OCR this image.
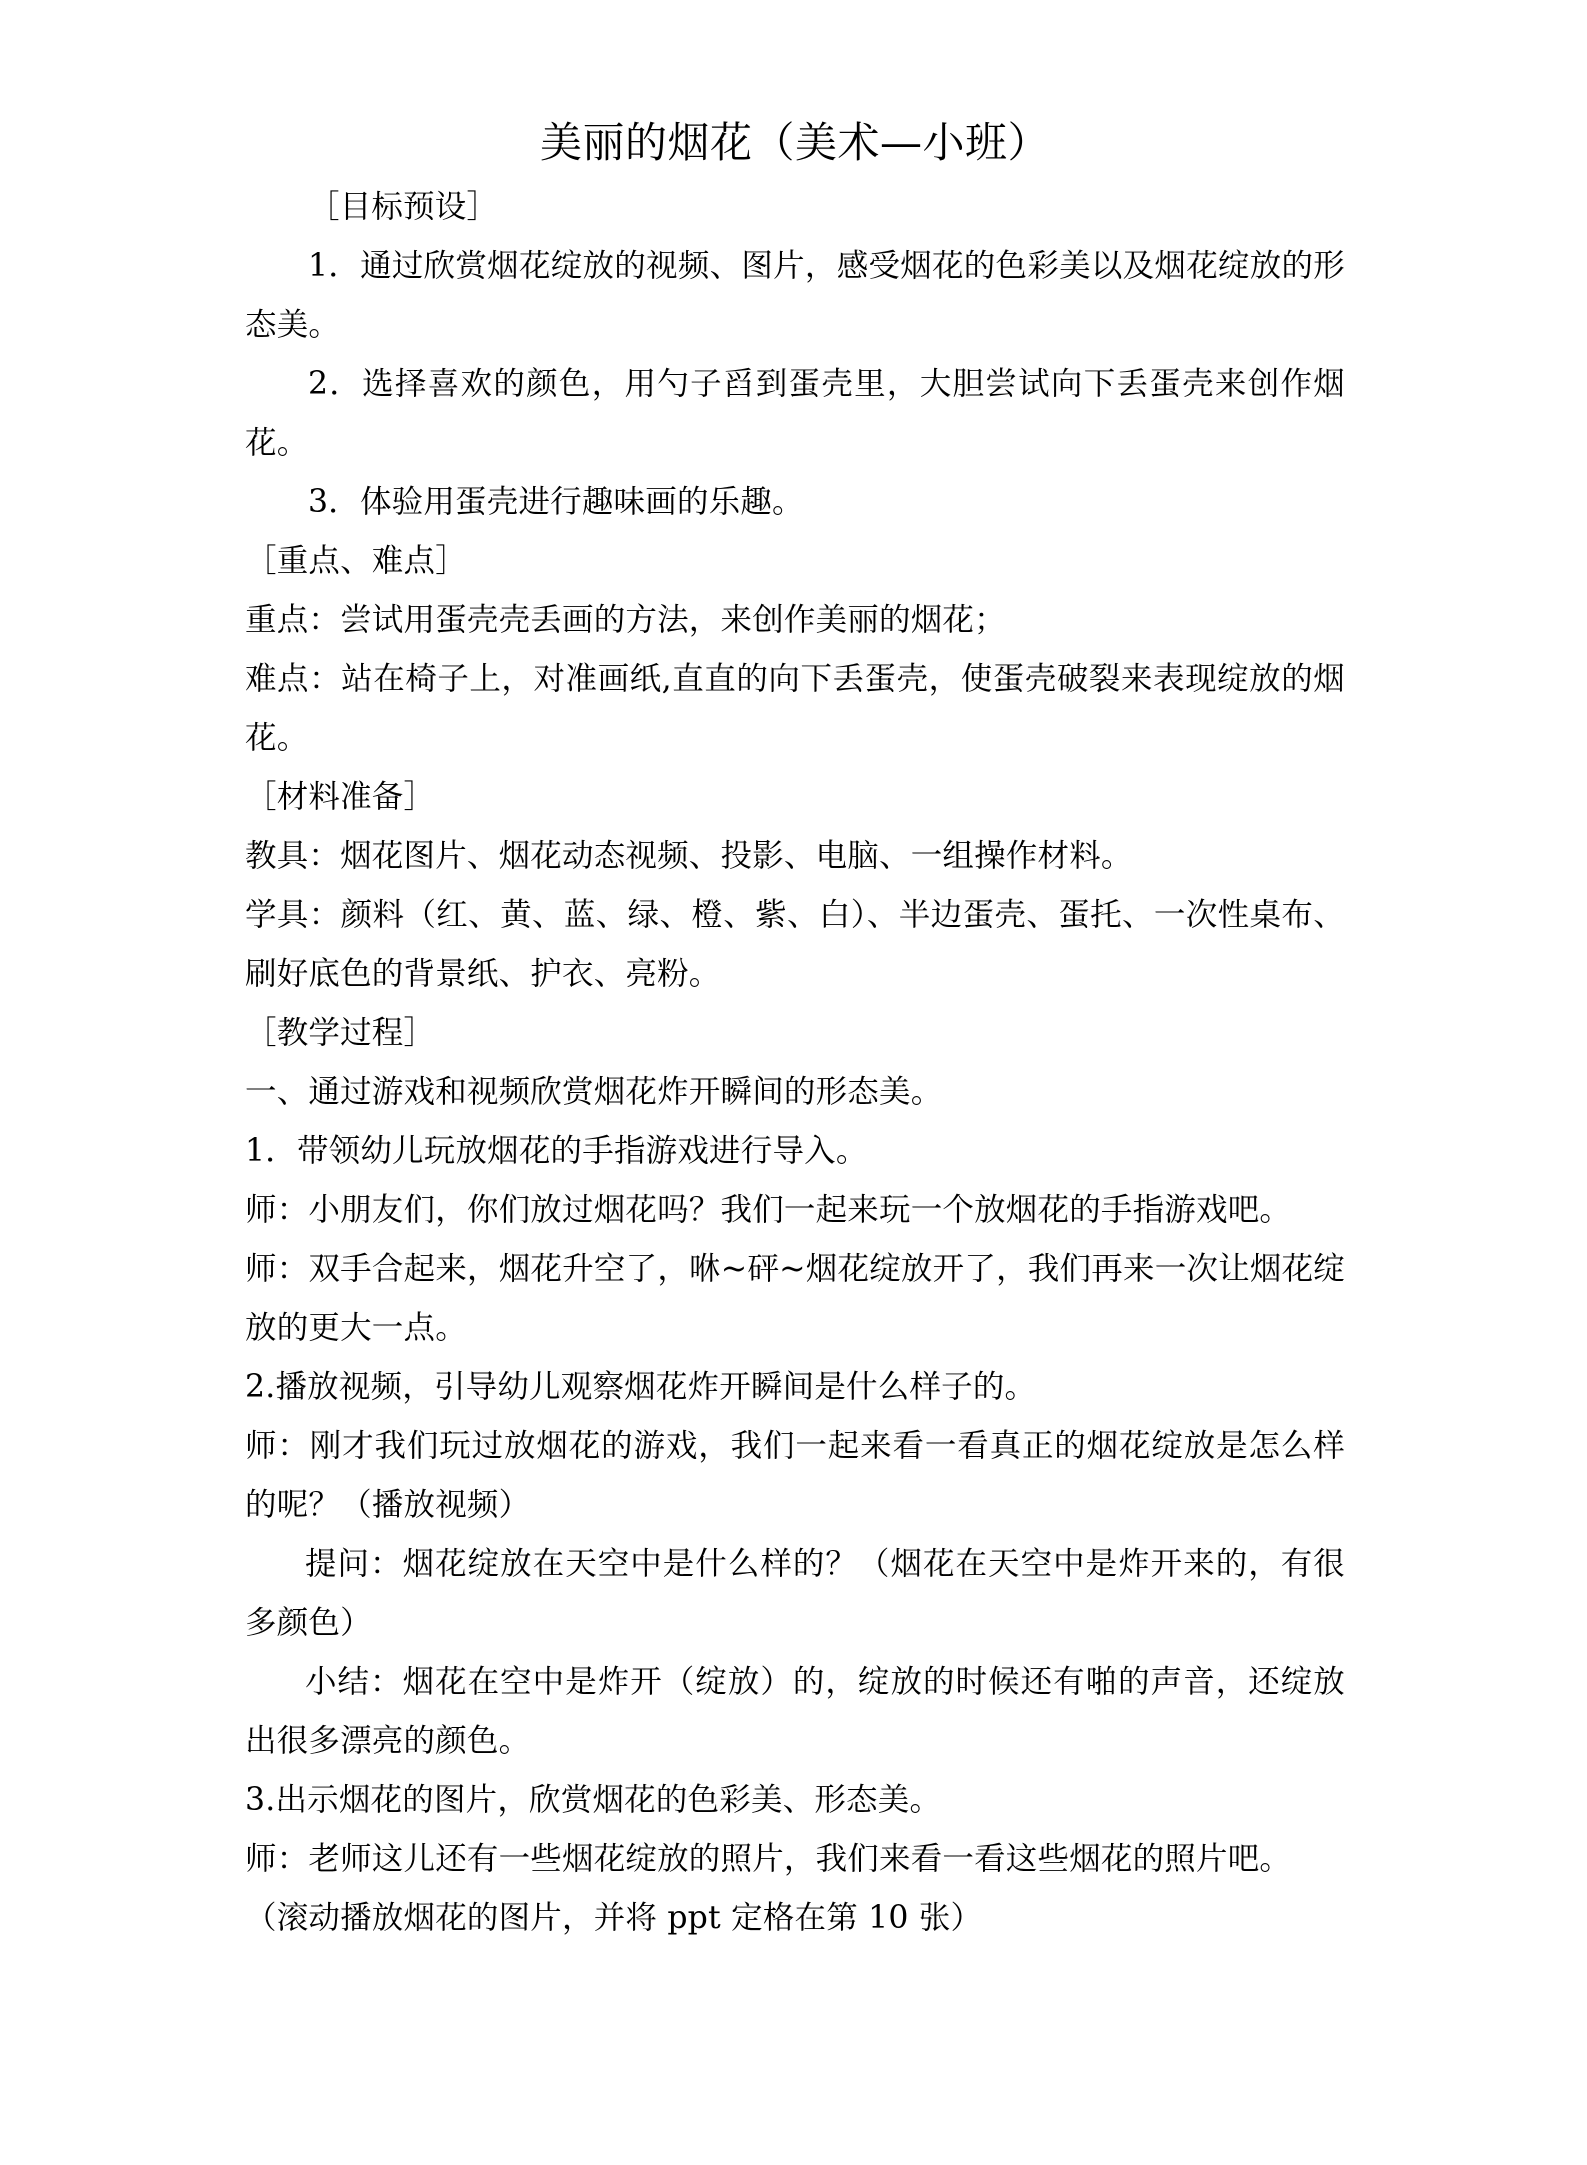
美丽的烟花（美术—小班）

［目标预设］

1．通过欣赏烟花绽放的视频、图片，感受烟花的色彩美以及烟花绽放的形态美。

2．选择喜欢的颜色，用勺子舀到蛋壳里，大胆尝试向下丢蛋壳来创作烟花。

3．体验用蛋壳进行趣味画的乐趣。

［重点、难点］

重点：尝试用蛋壳壳丢画的方法，来创作美丽的烟花；

难点：站在椅子上，对准画纸,直直的向下丢蛋壳，使蛋壳破裂来表现绽放的烟花。

［材料准备］

教具：烟花图片、烟花动态视频、投影、电脑、一组操作材料。

学具：颜料（红、黄、蓝、绿、橙、紫、白）、半边蛋壳、蛋托、一次性桌布、刷好底色的背景纸、护衣、亮粉。

［教学过程］

一、通过游戏和视频欣赏烟花炸开瞬间的形态美。

1．带领幼儿玩放烟花的手指游戏进行导入。

师：小朋友们，你们放过烟花吗？我们一起来玩一个放烟花的手指游戏吧。

师：双手合起来，烟花升空了，咻~砰~烟花绽放开了，我们再来一次让烟花绽放的更大一点。

2.播放视频，引导幼儿观察烟花炸开瞬间是什么样子的。

师：刚才我们玩过放烟花的游戏，我们一起来看一看真正的烟花绽放是怎么样的呢？（播放视频）

提问：烟花绽放在天空中是什么样的？（烟花在天空中是炸开来的，有很多颜色）

小结：烟花在空中是炸开（绽放）的，绽放的时候还有啪的声音，还绽放出很多漂亮的颜色。

3.出示烟花的图片，欣赏烟花的色彩美、形态美。

师：老师这儿还有一些烟花绽放的照片，我们来看一看这些烟花的照片吧。

（滚动播放烟花的图片，并将 ppt 定格在第 10 张）
